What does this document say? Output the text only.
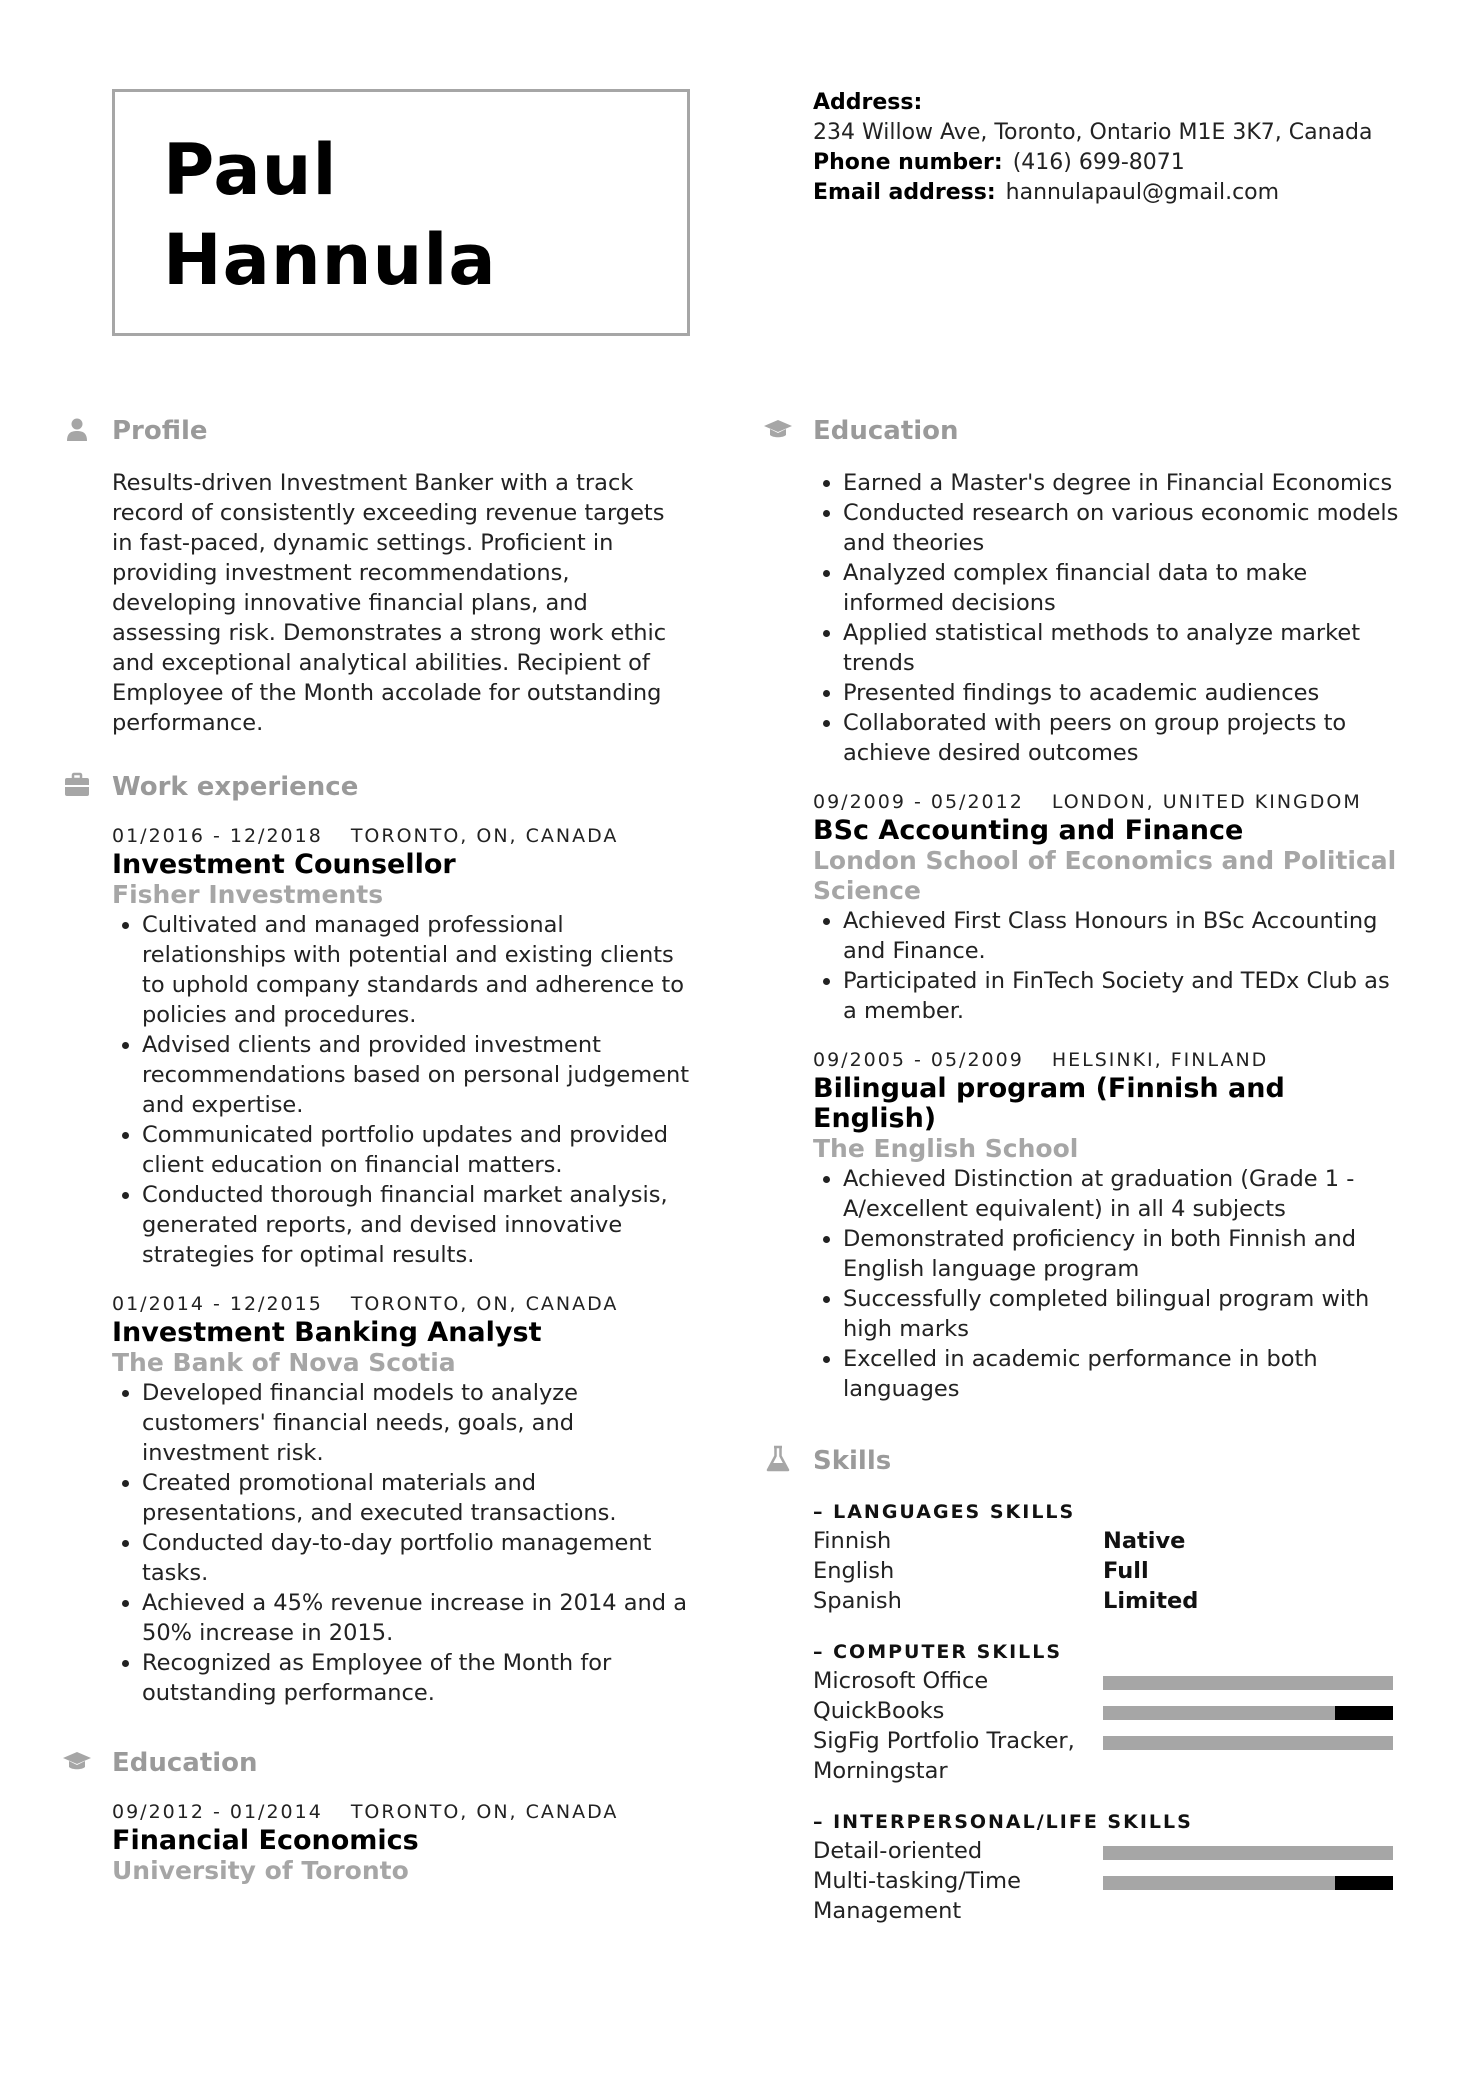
Paul
Hannula
Address:
234 Willow Ave, Toronto, Ontario M1E 3K7, Canada
Phone number: (416) 699-8071
Email address: hannulapaul@gmail.com
Profile

Results-driven Investment Banker with a track record of consistently exceeding revenue targets in fast-paced, dynamic settings. Proficient in providing investment recommendations, developing innovative financial plans, and assessing risk. Demonstrates a strong work ethic and exceptional analytical abilities. Recipient of Employee of the Month accolade for outstanding performance.

Work experience
01/2016 - 12/2018 TORONTO, ON, CANADA
Investment Counsellor
Fisher Investments
• Cultivated and managed professional relationships with potential and existing clients to uphold company standards and adherence to policies and procedures.
• Advised clients and provided investment recommendations based on personal judgement and expertise.
• Communicated portfolio updates and provided client education on financial matters.
• Conducted thorough financial market analysis, generated reports, and devised innovative strategies for optimal results.
01/2014 - 12/2015 TORONTO, ON, CANADA
Investment Banking Analyst
The Bank of Nova Scotia
• Developed financial models to analyze customers' financial needs, goals, and investment risk.
• Created promotional materials and presentations, and executed transactions.
• Conducted day-to-day portfolio management tasks.
• Achieved a 45% revenue increase in 2014 and a 50% increase in 2015.
• Recognized as Employee of the Month for outstanding performance.
Education
09/2012 - 01/2014 TORONTO, ON, CANADA
Financial Economics
University of Toronto
Education
• Earned a Master's degree in Financial Economics
• Conducted research on various economic models and theories
• Analyzed complex financial data to make informed decisions
• Applied statistical methods to analyze market trends
• Presented findings to academic audiences
• Collaborated with peers on group projects to achieve desired outcomes
09/2009 - 05/2012 LONDON, UNITED KINGDOM
BSc Accounting and Finance
London School of Economics and Political Science
• Achieved First Class Honours in BSc Accounting and Finance.
• Participated in FinTech Society and TEDx Club as a member.
09/2005 - 05/2009 HELSINKI, FINLAND
Bilingual program (Finnish and English)
The English School
• Achieved Distinction at graduation (Grade 1 - A/excellent equivalent) in all 4 subjects
• Demonstrated proficiency in both Finnish and English language program
• Successfully completed bilingual program with high marks
• Excelled in academic performance in both languages
Skills
– LANGUAGES SKILLS
Finnish	Native
English	Full
Spanish	Limited
– COMPUTER SKILLS
Microsoft Office
QuickBooks
SigFig Portfolio Tracker, Morningstar
– INTERPERSONAL/LIFE SKILLS
Detail-oriented
Multi-tasking/Time Management
